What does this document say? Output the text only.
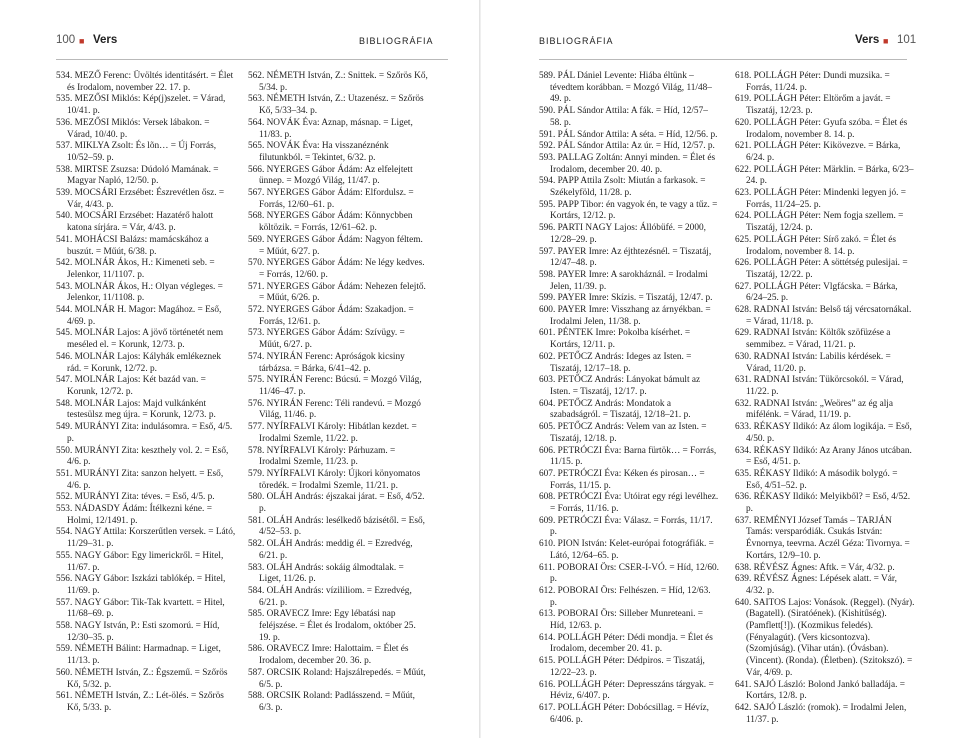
100 ■ Vers	BIBLIOGRÁFIA	BIBLIOGRÁFIA	Vers ■ 101

534. MEZŐ Ferenc: Üvöltés identitásért. = Élet és Irodalom, november 22. 17. p.

535. MEZŐSI Miklós: Kép(j)szelet. = Várad, 10/41. p.

536. MEZŐSI Miklós: Versek lábakon. = Várad, 10/40. p.

537. MIKLYA Zsolt: És lõn… = Új Forrás, 10/52–59. p.

538. MIRTSE Zsuzsa: Dúdoló Mamának. = Magyar Napló, 12/50. p.

539. MOCSÁRI Erzsébet: Észrevétlen ősz. = Vár, 4/43. p.

540. MOCSÁRI Erzsébet: Hazatérő halott katona sírjára. = Vár, 4/43. p.

541. MOHÁCSI Balázs: mamácskához a buszút. = Műút, 6/38. p.

542. MOLNÁR Ákos, H.: Kimeneti seb. = Jelenkor, 11/1107. p.

543. MOLNÁR Ákos, H.: Olyan végleges. = Jelenkor, 11/1108. p.

544. MOLNÁR H. Magor: Magához. = Eső, 4/69. p.

545. MOLNÁR Lajos: A jövő történetét nem meséled el. = Korunk, 12/73. p.

546. MOLNÁR Lajos: Kályhák emlékeznek rád. = Korunk, 12/72. p.

547. MOLNÁR Lajos: Két bazád van. = Korunk, 12/72. p.

548. MOLNÁR Lajos: Majd vulkánként testesülsz meg újra. = Korunk, 12/73. p.

549. MURÁNYI Zita: indulásomra. = Eső, 4/5. p.

550. MURÁNYI Zita: keszthely vol. 2. = Eső, 4/6. p.

551. MURÁNYI Zita: sanzon helyett. = Eső, 4/6. p.

552. MURÁNYI Zita: téves. = Eső, 4/5. p.

553. NÁDASDY Ádám: Ítélkezni kéne. = Holmi, 12/1491. p.

554. NAGY Attila: Korszerűtlen versek. = Látó, 11/29–31. p.

555. NAGY Gábor: Egy limerickről. = Hitel, 11/67. p.

556. NAGY Gábor: Iszkázi tablókép. = Hitel, 11/69. p.

557. NAGY Gábor: Tik-Tak kvartett. = Hitel, 11/68–69. p.

558. NAGY István, P.: Esti szomorú. = Híd, 12/30–35. p.

559. NÉMETH Bálint: Harmadnap. = Liget, 11/13. p.

560. NÉMETH István, Z.: Égszemű. = Szőrös Kő, 5/32. p.

561. NÉMETH István, Z.: Lét-ölés. = Szőrös Kő, 5/33. p.

562. NÉMETH István, Z.: Snittek. = Szőrös Kő, 5/34. p.

563. NÉMETH István, Z.: Utazenész. = Szőrös Kő, 5/33–34. p.

564. NOVÁK Éva: Aznap, másnap. = Liget, 11/83. p.

565. NOVÁK Éva: Ha visszanéznénk filutunkból. = Tekintet, 6/32. p.

566. NYERGES Gábor Ádám: Az elfelejtett ünnep. = Mozgó Világ, 11/47. p.

567. NYERGES Gábor Ádám: Elfordulsz. = Forrás, 12/60–61. p.

568. NYERGES Gábor Ádám: Könnycbben költözik. = Forrás, 12/61–62. p.

569. NYERGES Gábor Ádám: Nagyon féltem. = Műút, 6/27. p.

570. NYERGES Gábor Ádám: Ne légy kedves. = Forrás, 12/60. p.

571. NYERGES Gábor Ádám: Nehezen felejtő. = Műút, 6/26. p.

572. NYERGES Gábor Ádám: Szakadjon. = Forrás, 12/61. p.

573. NYERGES Gábor Ádám: Szívügy. = Műút, 6/27. p.

574. NYIRÁN Ferenc: Apróságok kicsiny tárbázsa. = Bárka, 6/41–42. p.

575. NYIRÁN Ferenc: Búcsú. = Mozgó Világ, 11/46–47. p.

576. NYIRÁN Ferenc: Téli randevú. = Mozgó Világ, 11/46. p.

577. NYÍRFALVI Károly: Hibátlan kezdet. = Irodalmi Szemle, 11/22. p.

578. NYÍRFALVI Károly: Párhuzam. = Irodalmi Szemle, 11/23. p.

579. NYÍRFALVI Károly: Újkori könyomatos töredék. = Irodalmi Szemle, 11/21. p.

580. OLÁH András: éjszakai járat. = Eső, 4/52. p.

581. OLÁH András: lesélkedő bázisétől. = Eső, 4/52–53. p.

582. OLÁH András: meddig él. = Ezredvég, 6/21. p.

583. OLÁH András: sokáig álmodtalak. = Liget, 11/26. p.

584. OLÁH András: vízililiom. = Ezredvég, 6/21. p.

585. ORAVECZ Imre: Egy lébatási nap feléjszése. = Élet és Irodalom, október 25. 19. p.

586. ORAVECZ Imre: Halottaim. = Élet és Irodalom, december 20. 36. p.

587. ORCSIK Roland: Hajszálrepedés. = Műút, 6/5. p.

588. ORCSIK Roland: Padlásszend. = Műút, 6/3. p.

589. PÁL Dániel Levente: Hiába éltünk – tévedtem korábban. = Mozgó Világ, 11/48–49. p.

590. PÁL Sándor Attila: A fák. = Híd, 12/57–58. p.

591. PÁL Sándor Attila: A séta. = Híd, 12/56. p.

592. PÁL Sándor Attila: Az úr. = Híd, 12/57. p.

593. PALLAG Zoltán: Annyi minden. = Élet és Irodalom, december 20. 40. p.

594. PAPP Attila Zsolt: Miután a farkasok. = Székelyföld, 11/28. p.

595. PAPP Tibor: én vagyok én, te vagy a tűz. = Kortárs, 12/12. p.

596. PARTI NAGY Lajos: Állóbüfé. = 2000, 12/28–29. p.

597. PAYER Imre: Az éjthtezésnél. = Tiszatáj, 12/47–48. p.

598. PAYER Imre: A sarokháznál. = Irodalmi Jelen, 11/39. p.

599. PAYER Imre: Skízis. = Tiszatáj, 12/47. p.

600. PAYER Imre: Visszhang az árnyékban. = Irodalmi Jelen, 11/38. p.

601. PÉNTEK Imre: Pokolba kísérhet. = Kortárs, 12/11. p.

602. PETŐCZ András: Ideges az Isten. = Tiszatáj, 12/17–18. p.

603. PETŐCZ András: Lányokat bámult az Isten. = Tiszatáj, 12/17. p.

604. PETŐCZ András: Mondatok a szabadságról. = Tiszatáj, 12/18–21. p.

605. PETŐCZ András: Velem van az Isten. = Tiszatáj, 12/18. p.

606. PETRÓCZI Éva: Barna fürtök… = Forrás, 11/15. p.

607. PETRÓCZI Éva: Kéken és pirosan… = Forrás, 11/15. p.

608. PETRÓCZI Éva: Utóirat egy régi levélhez. = Forrás, 11/16. p.

609. PETRÓCZI Éva: Válasz. = Forrás, 11/17. p.

610. PION István: Kelet-európai fotográfiák. = Látó, 12/64–65. p.

611. POBORAI Örs: CSER-I-VÓ. = Híd, 12/60. p.

612. POBORAI Örs: Felhészen. = Híd, 12/63. p.

613. POBORAI Örs: Silleber Munreteani. = Híd, 12/63. p.

614. POLLÁGH Péter: Dédi mondja. = Élet és Irodalom, december 20. 41. p.

615. POLLÁGH Péter: Dédpiros. = Tiszatáj, 12/22–23. p.

616. POLLÁGH Péter: Depresszáns tárgyak. = Héviz, 6/407. p.

617. POLLÁGH Péter: Dobócsillag. = Hévíz, 6/406. p.

618. POLLÁGH Péter: Dundi muzsika. = Forrás, 11/24. p.

619. POLLÁGH Péter: Eltörőm a javát. = Tiszatáj, 12/23. p.

620. POLLÁGH Péter: Gyufa szóba. = Élet és Irodalom, november 8. 14. p.

621. POLLÁGH Péter: Kikövezve. = Bárka, 6/24. p.

622. POLLÁGH Péter: Märklin. = Bárka, 6/23–24. p.

623. POLLÁGH Péter: Mindenki legyen jó. = Forrás, 11/24–25. p.

624. POLLÁGH Péter: Nem fogja szellem. = Tiszatáj, 12/24. p.

625. POLLÁGH Péter: Sírő zakó. = Élet és Irodalom, november 8. 14. p.

626. POLLÁGH Péter: A söttétség pulesijai. = Tiszatáj, 12/22. p.

627. POLLÁGH Péter: Vlgfácska. = Bárka, 6/24–25. p.

628. RADNAI István: Belső táj vércsatornákal. = Várad, 11/18. p.

629. RADNAI István: Költők szöfüzése a semmibez. = Várad, 11/21. p.

630. RADNAI István: Labilis kérdések. = Várad, 11/20. p.

631. RADNAI István: Tükörcsokól. = Várad, 11/22. p.

632. RADNAI István: „Weöres” az ég alja mifélénk. = Várad, 11/19. p.

633. RÉKASY Ildikó: Az álom logikája. = Eső, 4/50. p.

634. RÉKASY Ildikó: Az Arany János utcában. = Eső, 4/51. p.

635. RÉKASY Ildikó: A második bolygó. = Eső, 4/51–52. p.

636. RÉKASY Ildikó: Melyikből? = Eső, 4/52. p.

637. REMÉNYI József Tamás – TARJÁN Tamás: versparódiák. Csukás István: Évnornya, teevrna. Aczél Géza: Tivornya. = Kortárs, 12/9–10. p.

638. RÉVÉSZ Ágnes: Aftk. = Vár, 4/32. p.

639. RÉVÉSZ Ágnes: Lépések alatt. = Vár, 4/32. p.

640. SAITOS Lajos: Vonások. (Reggel). (Nyár). (Bagatell). (Siratóének). (Kishitűség). (Pamflett[!]). (Kozmikus feledés). (Fényalagút). (Vers kicsontozva). (Szomjúság). (Vihar után). (Óvásban). (Vincent). (Ronda). (Életben). (Szitokszó). = Vár, 4/69. p.

641. SAJÓ László: Bolond Jankó balladája. = Kortárs, 12/8. p.

642. SAJÓ László: (romok). = Irodalmi Jelen, 11/37. p.
